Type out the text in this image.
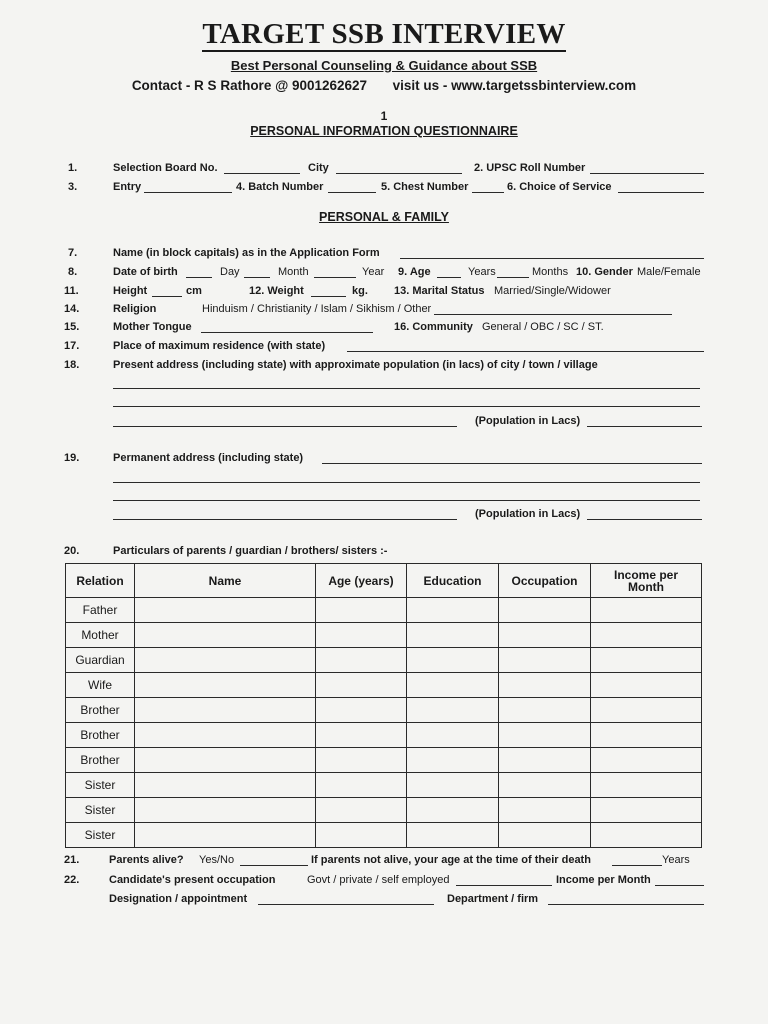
TARGET SSB INTERVIEW
Best Personal Counseling & Guidance about SSB
Contact - R S Rathore @ 9001262627 visit us - www.targetssbinterview.com
1
PERSONAL INFORMATION QUESTIONNAIRE
1.	Selection Board No.	City	2. UPSC Roll Number
3.	Entry	4. Batch Number	5. Chest Number	6. Choice of Service
PERSONAL & FAMILY
7.	Name (in block capitals) as in the Application Form
8.	Date of birth	Day	Month	Year 9. Age	Years	Months 10. Gender Male/Female
11.	Height	cm	12. Weight	kg. 13. Marital Status Married/Single/Widower
14.	Religion	Hinduism / Christianity / Islam / Sikhism / Other
15.	Mother Tongue	16. Community General / OBC / SC / ST.
17.	Place of maximum residence (with state)
18.	Present address (including state) with approximate population (in lacs) of city / town / village
(Population in Lacs)
19.	Permanent address (including state)
(Population in Lacs)
20.	Particulars of parents / guardian / brothers/ sisters :-
Relation	Name	Age (years)	Education	Occupation	Income per Month
Father					
Mother					
Guardian					
Wife					
Brother					
Brother					
Brother					
Sister					
Sister					
Sister					
21.	Parents alive? Yes/No	If parents not alive, your age at the time of their death	Years
22.	Candidate's present occupation	Govt / private / self employed	Income per Month
Designation / appointment	Department / firm
